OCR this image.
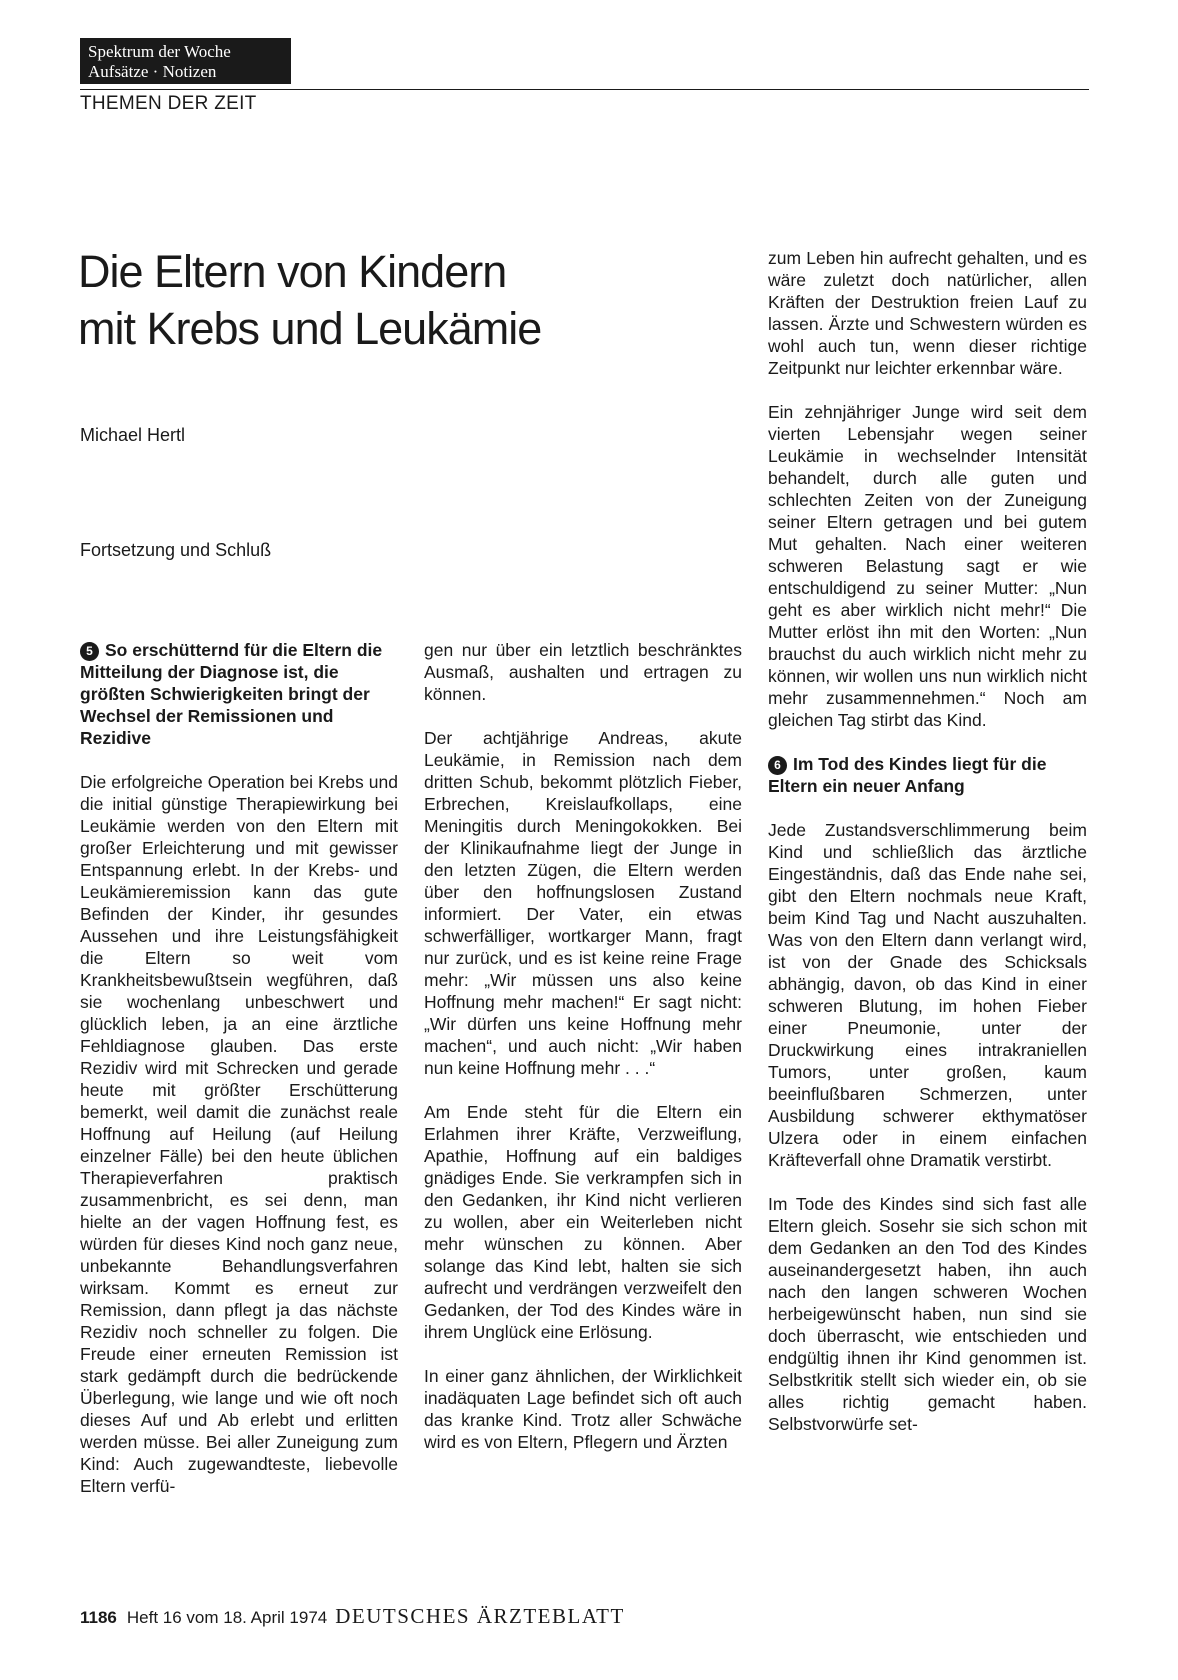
Spektrum der Woche
Aufsätze · Notizen
THEMEN DER ZEIT
Die Eltern von Kindern
mit Krebs und Leukämie
Michael Hertl
Fortsetzung und Schluß
5 So erschütternd für die Eltern die Mitteilung der Diagnose ist, die größten Schwierigkeiten bringt der Wechsel der Remissionen und Rezidive

Die erfolgreiche Operation bei Krebs und die initial günstige Therapiewirkung bei Leukämie werden von den Eltern mit großer Erleichterung und mit gewisser Entspannung erlebt. In der Krebs- und Leukämieremission kann das gute Befinden der Kinder, ihr gesundes Aussehen und ihre Leistungsfähigkeit die Eltern so weit vom Krankheitsbewußtsein wegführen, daß sie wochenlang unbeschwert und glücklich leben, ja an eine ärztliche Fehldiagnose glauben. Das erste Rezidiv wird mit Schrecken und gerade heute mit größter Erschütterung bemerkt, weil damit die zunächst reale Hoffnung auf Heilung (auf Heilung einzelner Fälle) bei den heute üblichen Therapieverfahren praktisch zusammenbricht, es sei denn, man hielte an der vagen Hoffnung fest, es würden für dieses Kind noch ganz neue, unbekannte Behandlungsverfahren wirksam. Kommt es erneut zur Remission, dann pflegt ja das nächste Rezidiv noch schneller zu folgen. Die Freude einer erneuten Remission ist stark gedämpft durch die bedrückende Überlegung, wie lange und wie oft noch dieses Auf und Ab erlebt und erlitten werden müsse. Bei aller Zuneigung zum Kind: Auch zugewandteste, liebevolle Eltern verfü-

gen nur über ein letztlich beschränktes Ausmaß, aushalten und ertragen zu können.

Der achtjährige Andreas, akute Leukämie, in Remission nach dem dritten Schub, bekommt plötzlich Fieber, Erbrechen, Kreislaufkollaps, eine Meningitis durch Meningokokken. Bei der Klinikaufnahme liegt der Junge in den letzten Zügen, die Eltern werden über den hoffnungslosen Zustand informiert. Der Vater, ein etwas schwerfälliger, wortkarger Mann, fragt nur zurück, und es ist keine reine Frage mehr: „Wir müssen uns also keine Hoffnung mehr machen!“ Er sagt nicht: „Wir dürfen uns keine Hoffnung mehr machen“, und auch nicht: „Wir haben nun keine Hoffnung mehr . . .“

Am Ende steht für die Eltern ein Erlahmen ihrer Kräfte, Verzweiflung, Apathie, Hoffnung auf ein baldiges gnädiges Ende. Sie verkrampfen sich in den Gedanken, ihr Kind nicht verlieren zu wollen, aber ein Weiterleben nicht mehr wünschen zu können. Aber solange das Kind lebt, halten sie sich aufrecht und verdrängen verzweifelt den Gedanken, der Tod des Kindes wäre in ihrem Unglück eine Erlösung.

In einer ganz ähnlichen, der Wirklichkeit inadäquaten Lage befindet sich oft auch das kranke Kind. Trotz aller Schwäche wird es von Eltern, Pflegern und Ärzten

zum Leben hin aufrecht gehalten, und es wäre zuletzt doch natürlicher, allen Kräften der Destruktion freien Lauf zu lassen. Ärzte und Schwestern würden es wohl auch tun, wenn dieser richtige Zeitpunkt nur leichter erkennbar wäre.

Ein zehnjähriger Junge wird seit dem vierten Lebensjahr wegen seiner Leukämie in wechselnder Intensität behandelt, durch alle guten und schlechten Zeiten von der Zuneigung seiner Eltern getragen und bei gutem Mut gehalten. Nach einer weiteren schweren Belastung sagt er wie entschuldigend zu seiner Mutter: „Nun geht es aber wirklich nicht mehr!“ Die Mutter erlöst ihn mit den Worten: „Nun brauchst du auch wirklich nicht mehr zu können, wir wollen uns nun wirklich nicht mehr zusammennehmen.“ Noch am gleichen Tag stirbt das Kind.

6 Im Tod des Kindes liegt für die Eltern ein neuer Anfang

Jede Zustandsverschlimmerung beim Kind und schließlich das ärztliche Eingeständnis, daß das Ende nahe sei, gibt den Eltern nochmals neue Kraft, beim Kind Tag und Nacht auszuhalten. Was von den Eltern dann verlangt wird, ist von der Gnade des Schicksals abhängig, davon, ob das Kind in einer schweren Blutung, im hohen Fieber einer Pneumonie, unter der Druckwirkung eines intrakraniellen Tumors, unter großen, kaum beeinflußbaren Schmerzen, unter Ausbildung schwerer ekthymatöser Ulzera oder in einem einfachen Kräfteverfall ohne Dramatik verstirbt.

Im Tode des Kindes sind sich fast alle Eltern gleich. Sosehr sie sich schon mit dem Gedanken an den Tod des Kindes auseinandergesetzt haben, ihn auch nach den langen schweren Wochen herbeigewünscht haben, nun sind sie doch überrascht, wie entschieden und endgültig ihnen ihr Kind genommen ist. Selbstkritik stellt sich wieder ein, ob sie alles richtig gemacht haben. Selbstvorwürfe set-

1186 Heft 16 vom 18. April 1974 DEUTSCHES ÄRZTEBLATT
